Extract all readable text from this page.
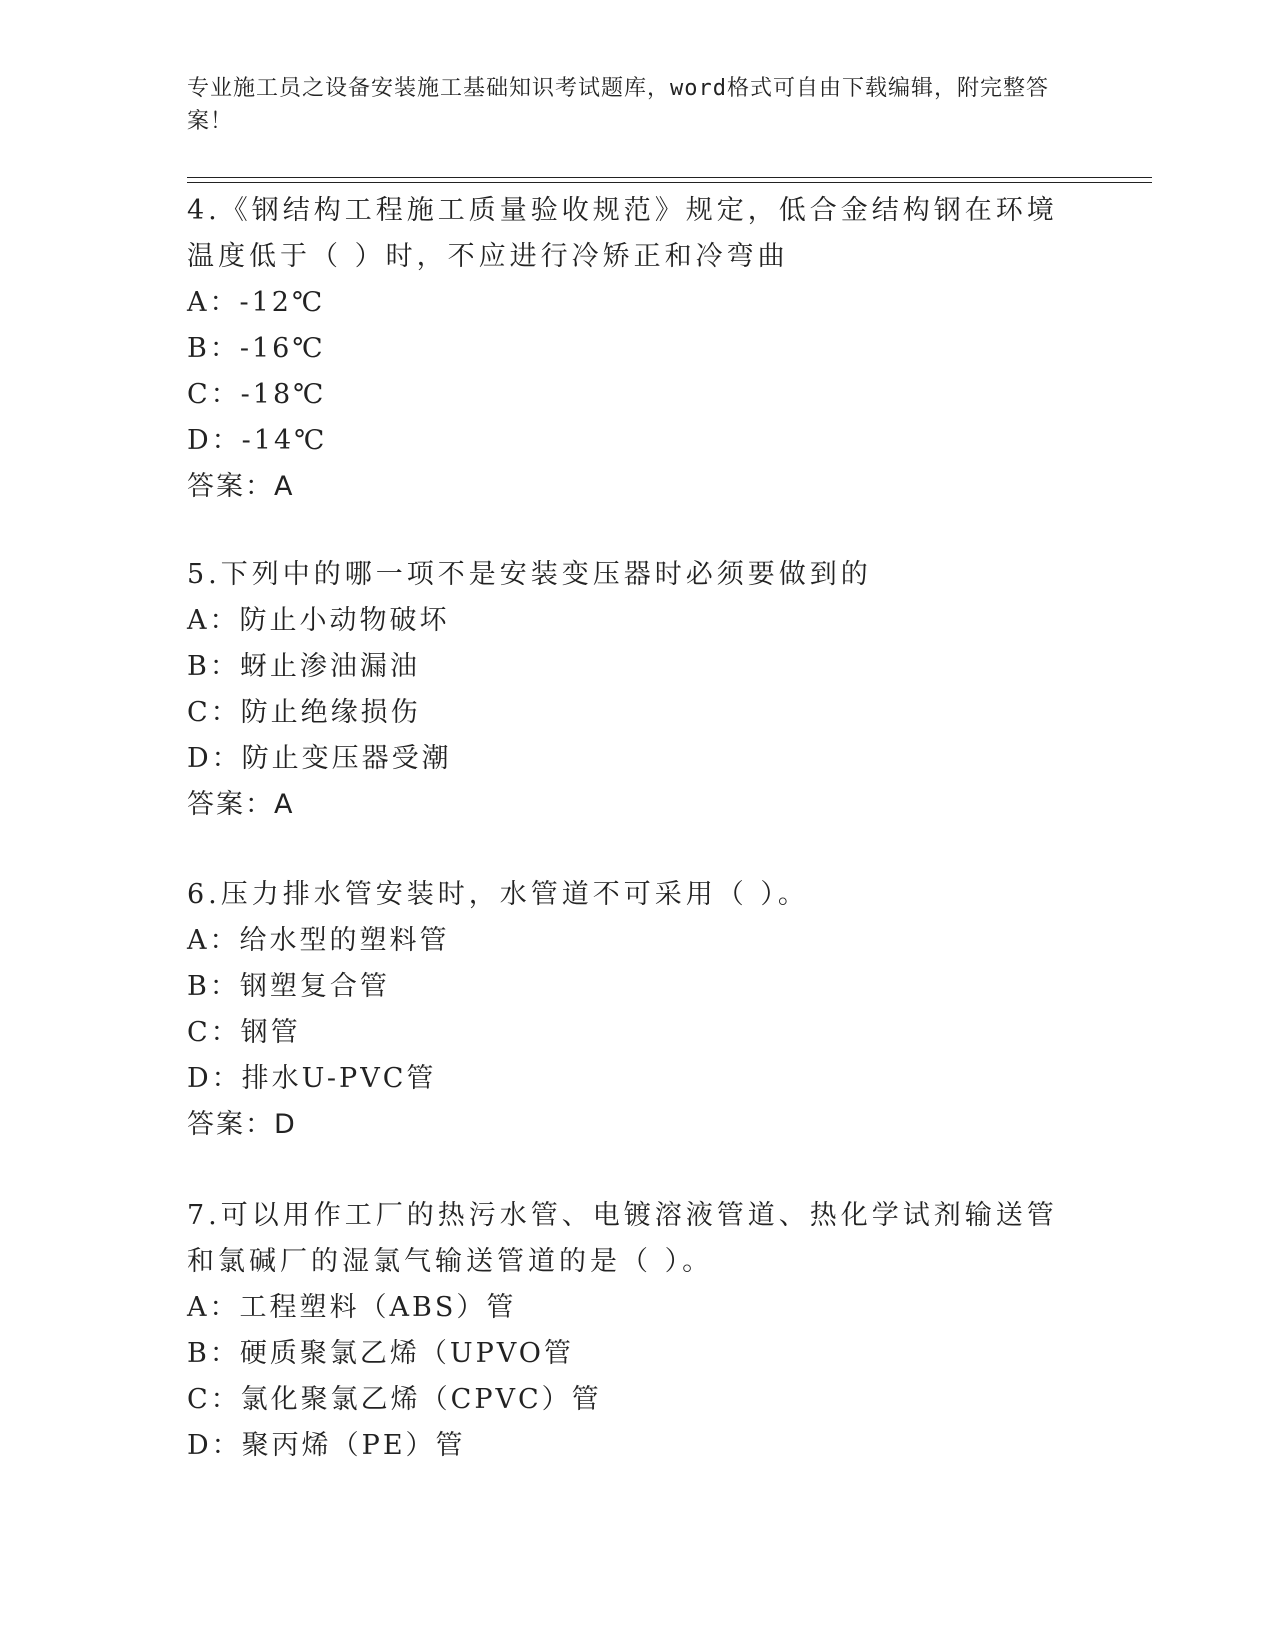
专业施工员之设备安装施工基础知识考试题库，word格式可自由下载编辑，附完整答案！

4.《钢结构工程施工质量验收规范》规定，低合金结构钢在环境温度低于（ ）时，不应进行冷矫正和冷弯曲

A：-12℃

B：-16℃

C：-18℃

D：-14℃

答案：A

5.下列中的哪一项不是安装变压器时必须要做到的

A：防止小动物破坏

B：蚜止渗油漏油

C：防止绝缘损伤

D：防止变压器受潮

答案：A

6.压力排水管安装时，水管道不可采用（ ）。

A：给水型的塑料管

B：钢塑复合管

C：钢管

D：排水U-PVC管

答案：D

7.可以用作工厂的热污水管、电镀溶液管道、热化学试剂输送管和氯碱厂的湿氯气输送管道的是（ ）。

A：工程塑料（ABS）管

B：硬质聚氯乙烯（UPVO管

C：氯化聚氯乙烯（CPVC）管

D：聚丙烯（PE）管
